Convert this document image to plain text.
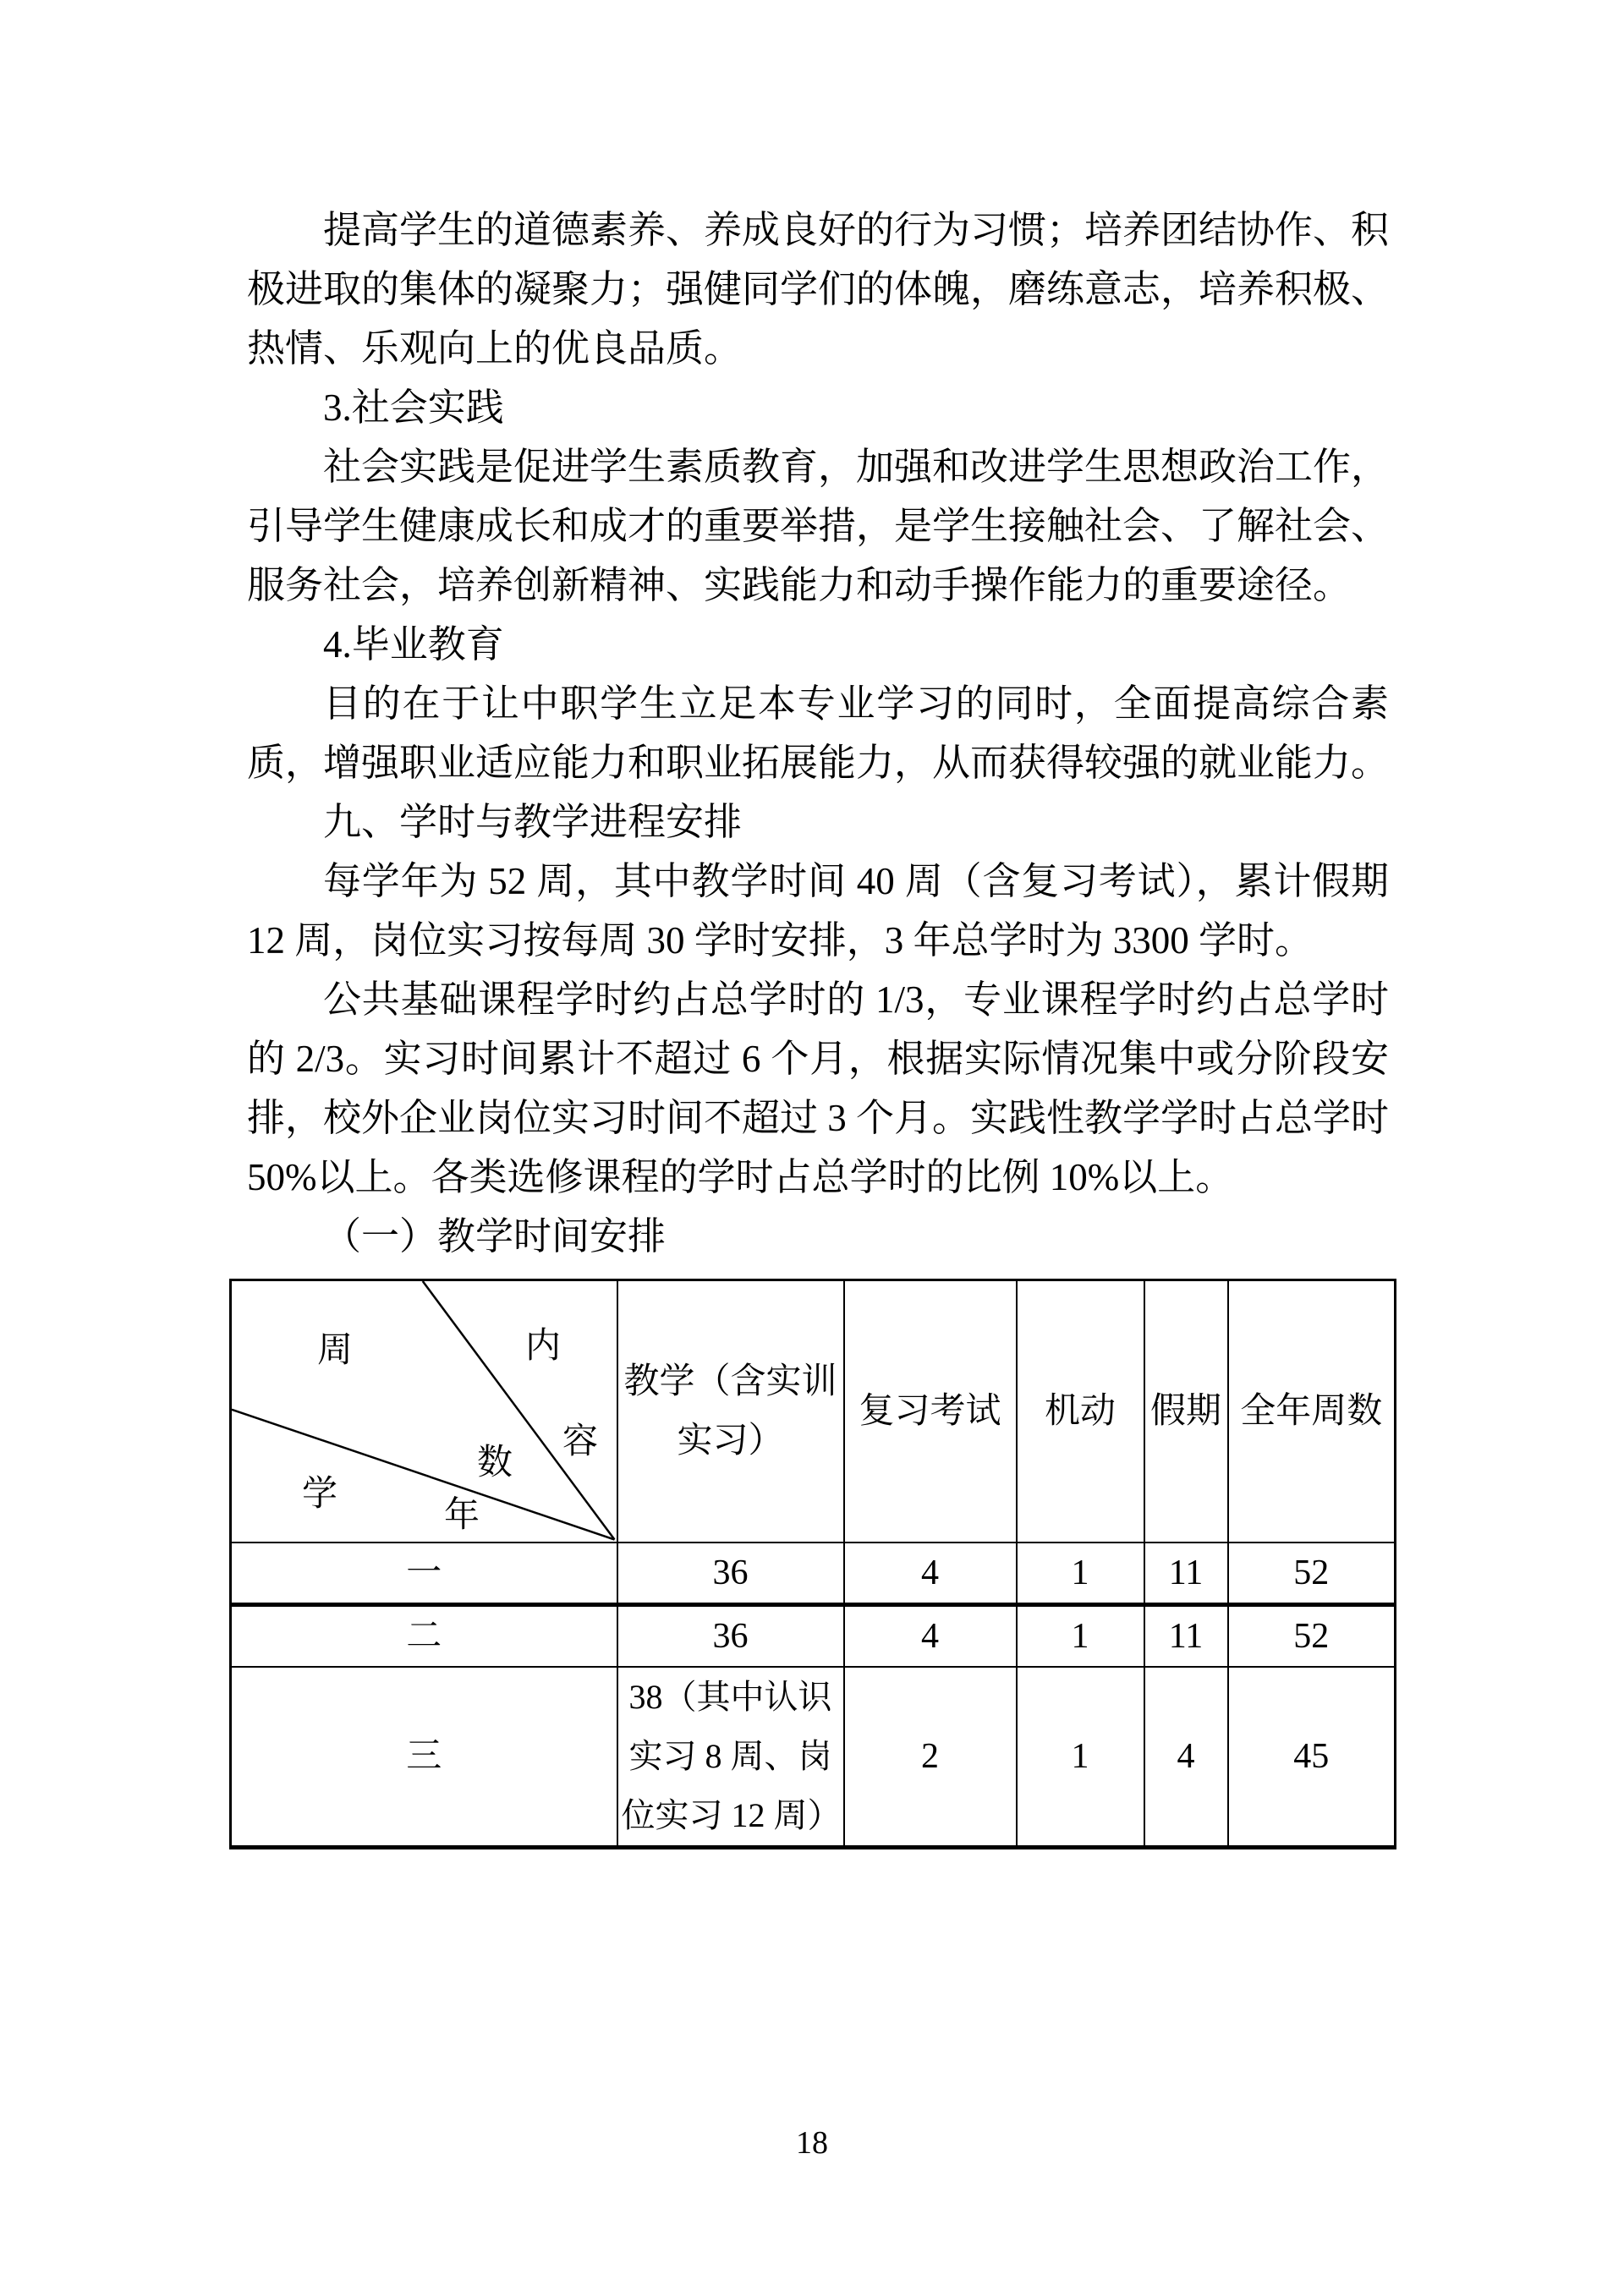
提高学生的道德素养、养成良好的行为习惯；培养团结协作、积极进取的集体的凝聚力；强健同学们的体魄，磨练意志，培养积极、热情、乐观向上的优良品质。

3.社会实践

社会实践是促进学生素质教育，加强和改进学生思想政治工作，引导学生健康成长和成才的重要举措，是学生接触社会、了解社会、服务社会，培养创新精神、实践能力和动手操作能力的重要途径。

4.毕业教育

目的在于让中职学生立足本专业学习的同时，全面提高综合素质，增强职业适应能力和职业拓展能力，从而获得较强的就业能力。

九、学时与教学进程安排

每学年为 52 周，其中教学时间 40 周（含复习考试），累计假期 12 周，岗位实习按每周 30 学时安排，3 年总学时为 3300 学时。

公共基础课程学时约占总学时的 1/3，专业课程学时约占总学时的 2/3。实习时间累计不超过 6 个月，根据实际情况集中或分阶段安排，校外企业岗位实习时间不超过 3 个月。实践性教学学时占总学时 50%以上。各类选修课程的学时占总学时的比例 10%以上。

（一）教学时间安排
周	内
容
数
学
年
	教学（含实训实习）	复习考试	机动	假期	全年周数
一	36	4	1	11	52
二	36	4	1	11	52
三	38（其中认识实习 8 周、岗位实习 12 周）	2	1	4	45
18
